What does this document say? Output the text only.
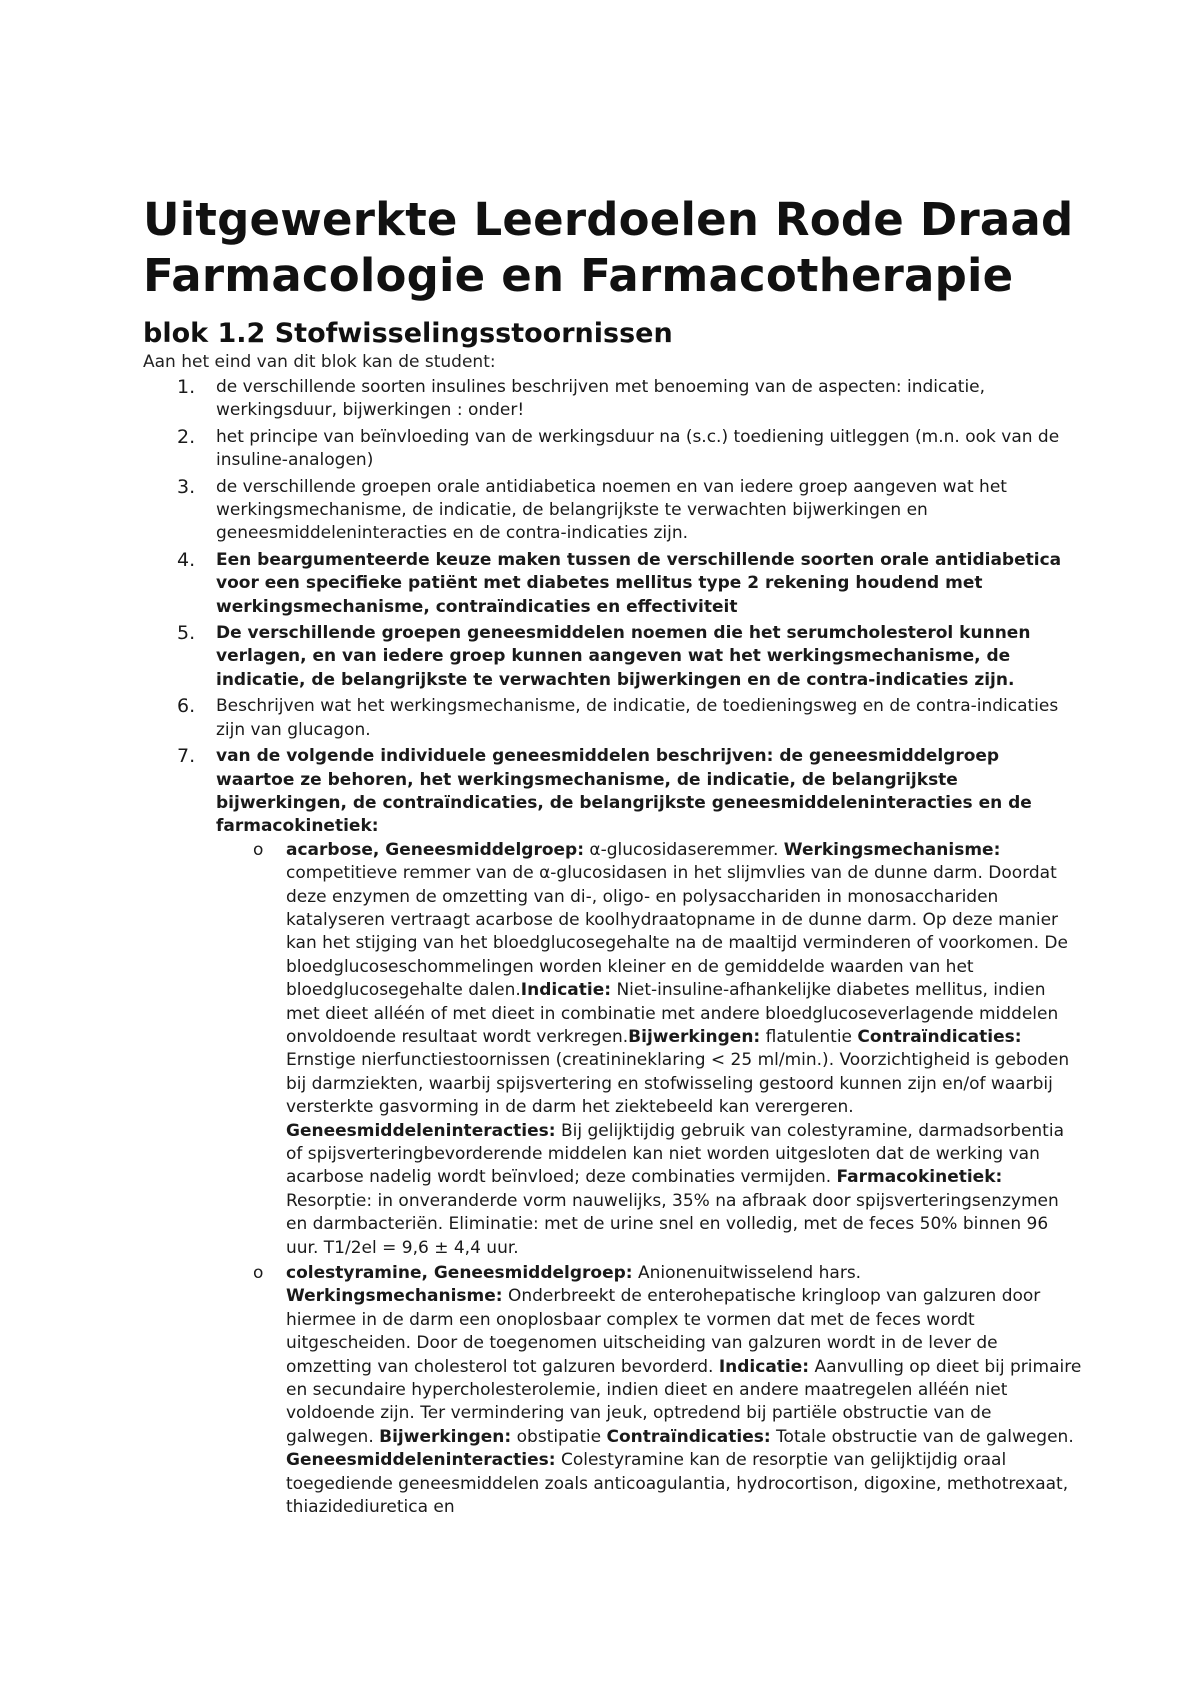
Uitgewerkte Leerdoelen Rode Draad
Farmacologie en Farmacotherapie
blok 1.2 Stofwisselingsstoornissen
Aan het eind van dit blok kan de student:
1.	de verschillende soorten insulines beschrijven met benoeming van de aspecten: indicatie, werkingsduur, bijwerkingen : onder!
2.	het principe van beïnvloeding van de werkingsduur na (s.c.) toediening uitleggen (m.n. ook van de insuline-analogen)
3.	de verschillende groepen orale antidiabetica noemen en van iedere groep aangeven wat het werkingsmechanisme, de indicatie, de belangrijkste te verwachten bijwerkingen en geneesmiddeleninteracties en de contra-indicaties zijn.
4.	Een beargumenteerde keuze maken tussen de verschillende soorten orale antidiabetica voor een specifieke patiënt met diabetes mellitus type 2 rekening houdend met werkingsmechanisme, contraïndicaties en effectiviteit
5.	De verschillende groepen geneesmiddelen noemen die het serumcholesterol kunnen verlagen, en van iedere groep kunnen aangeven wat het werkingsmechanisme, de indicatie, de belangrijkste te verwachten bijwerkingen en de contra-indicaties zijn.
6.	Beschrijven wat het werkingsmechanisme, de indicatie, de toedieningsweg en de contra-indicaties zijn van glucagon.
7.	van de volgende individuele geneesmiddelen beschrijven: de geneesmiddelgroep waartoe ze behoren, het werkingsmechanisme, de indicatie, de belangrijkste bijwerkingen, de contraïndicaties, de belangrijkste geneesmiddeleninteracties en de farmacokinetiek:
o acarbose, Geneesmiddelgroep: α-glucosidaseremmer. Werkingsmechanisme: competitieve remmer van de α-glucosidasen in het slijmvlies van de dunne darm. Doordat deze enzymen de omzetting van di-, oligo- en polysacchariden in monosacchariden katalyseren vertraagt acarbose de koolhydraatopname in de dunne darm. Op deze manier kan het stijging van het bloedglucosegehalte na de maaltijd verminderen of voorkomen. De bloedglucoseschommelingen worden kleiner en de gemiddelde waarden van het bloedglucosegehalte dalen.Indicatie: Niet-insuline-afhankelijke diabetes mellitus, indien met dieet alléén of met dieet in combinatie met andere bloedglucoseverlagende middelen onvoldoende resultaat wordt verkregen.Bijwerkingen: flatulentie Contraïndicaties: Ernstige nierfunctiestoornissen (creatinineklaring < 25 ml/min.). Voorzichtigheid is geboden bij darmziekten, waarbij spijsvertering en stofwisseling gestoord kunnen zijn en/of waarbij versterkte gasvorming in de darm het ziektebeeld kan verergeren. Geneesmiddeleninteracties: Bij gelijktijdig gebruik van colestyramine, darmadsorbentia of spijsverteringbevorderende middelen kan niet worden uitgesloten dat de werking van acarbose nadelig wordt beïnvloed; deze combinaties vermijden. Farmacokinetiek: Resorptie: in onveranderde vorm nauwelijks, 35% na afbraak door spijsverteringsenzymen en darmbacteriën. Eliminatie: met de urine snel en volledig, met de feces 50% binnen 96 uur. T1/2el = 9,6 ± 4,4 uur.
o colestyramine, Geneesmiddelgroep: Anionenuitwisselend hars. Werkingsmechanisme: Onderbreekt de enterohepatische kringloop van galzuren door hiermee in de darm een onoplosbaar complex te vormen dat met de feces wordt uitgescheiden. Door de toegenomen uitscheiding van galzuren wordt in de lever de omzetting van cholesterol tot galzuren bevorderd. Indicatie: Aanvulling op dieet bij primaire en secundaire hypercholesterolemie, indien dieet en andere maatregelen alléén niet voldoende zijn. Ter vermindering van jeuk, optredend bij partiële obstructie van de galwegen. Bijwerkingen: obstipatie Contraïndicaties: Totale obstructie van de galwegen. Geneesmiddeleninteracties: Colestyramine kan de resorptie van gelijktijdig oraal toegediende geneesmiddelen zoals anticoagulantia, hydrocortison, digoxine, methotrexaat, thiazidediuretica en
